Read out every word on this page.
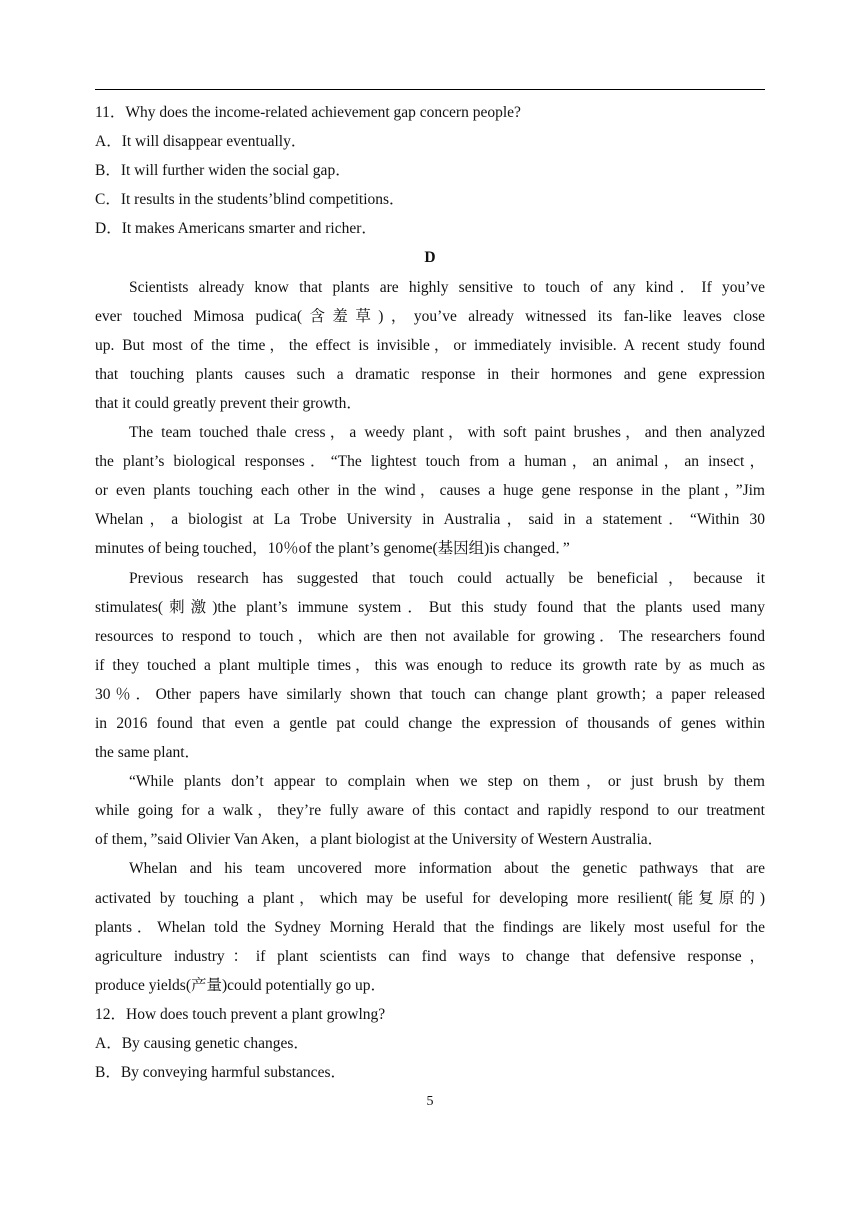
11．Why does the income-related achievement gap concern people?
A．It will disappear eventually．
B．It will further widen the social gap．
C．It results in the students’blind competitions．
D．It makes Americans smarter and richer．
D
Scientists already know that plants are highly sensitive to touch of any kind．If you’ve
ever touched Mimosa pudica(含羞草)，you’ve already witnessed its fan-like leaves close
up. But most of the time，the effect is invisible，or immediately invisible. A recent study found
that touching plants causes such a dramatic response in their hormones and gene expression
that it could greatly prevent their growth．
The team touched thale cress，a weedy plant，with soft paint brushes，and then analyzed
the plant’s biological responses．“The lightest touch from a human，an animal，an insect，
or even plants touching each other in the wind，causes a huge gene response in the plant，”Jim
Whelan，a biologist at La Trobe University in Australia，said in a statement．“Within 30
minutes of being touched，10％of the plant’s genome(基因组)is changed．”
Previous research has suggested that touch could actually be beneficial，because it
stimulates(刺激)the plant’s immune system．But this study found that the plants used many
resources to respond to touch，which are then not available for growing．The researchers found
if they touched a plant multiple times，this was enough to reduce its growth rate by as much as
30％．Other papers have similarly shown that touch can change plant growth；a paper released
in 2016 found that even a gentle pat could change the expression of thousands of genes within
the same plant．
“While plants don’t appear to complain when we step on them，or just brush by them
while going for a walk，they’re fully aware of this contact and rapidly respond to our treatment
of them，”said Olivier Van Aken，a plant biologist at the University of Western Australia．
Whelan and his team uncovered more information about the genetic pathways that are
activated by touching a plant，which may be useful for developing more resilient(能复原的)
plants．Whelan told the Sydney Morning Herald that the findings are likely most useful for the
agriculture industry：if plant scientists can find ways to change that defensive response，
produce yields(产量)could potentially go up．
12．How does touch prevent a plant growlng?
A．By causing genetic changes．
B．By conveying harmful substances．
5
